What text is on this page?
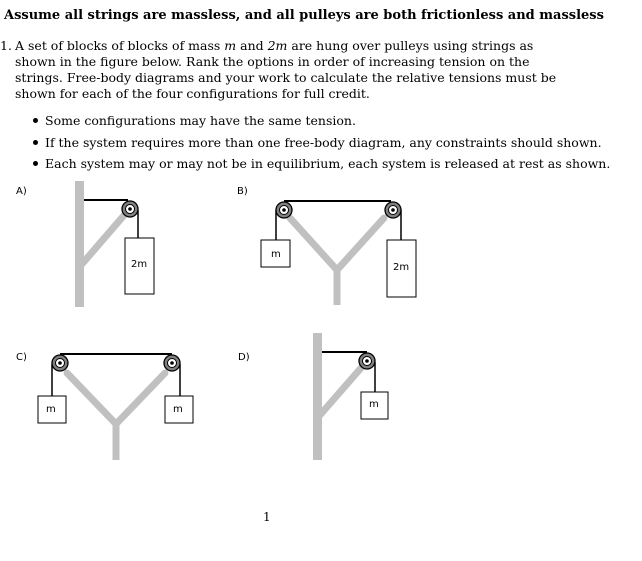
Assume all strings are massless, and all pulleys are both frictionless and massless
1. A set of blocks of blocks of mass m and 2m are hung over pulleys using strings as shown in the figure below. Rank the options in order of increasing tension on the strings. Free-body diagrams and your work to calculate the relative tensions must be shown for each of the four configurations for full credit.
Some configurations may have the same tension.
If the system requires more than one free-body diagram, any constraints should shown.
Each system may or may not be in equilibrium, each system is released at rest as shown.
A)
2m
B)
m
2m
C)
m	m
D)
m
1
